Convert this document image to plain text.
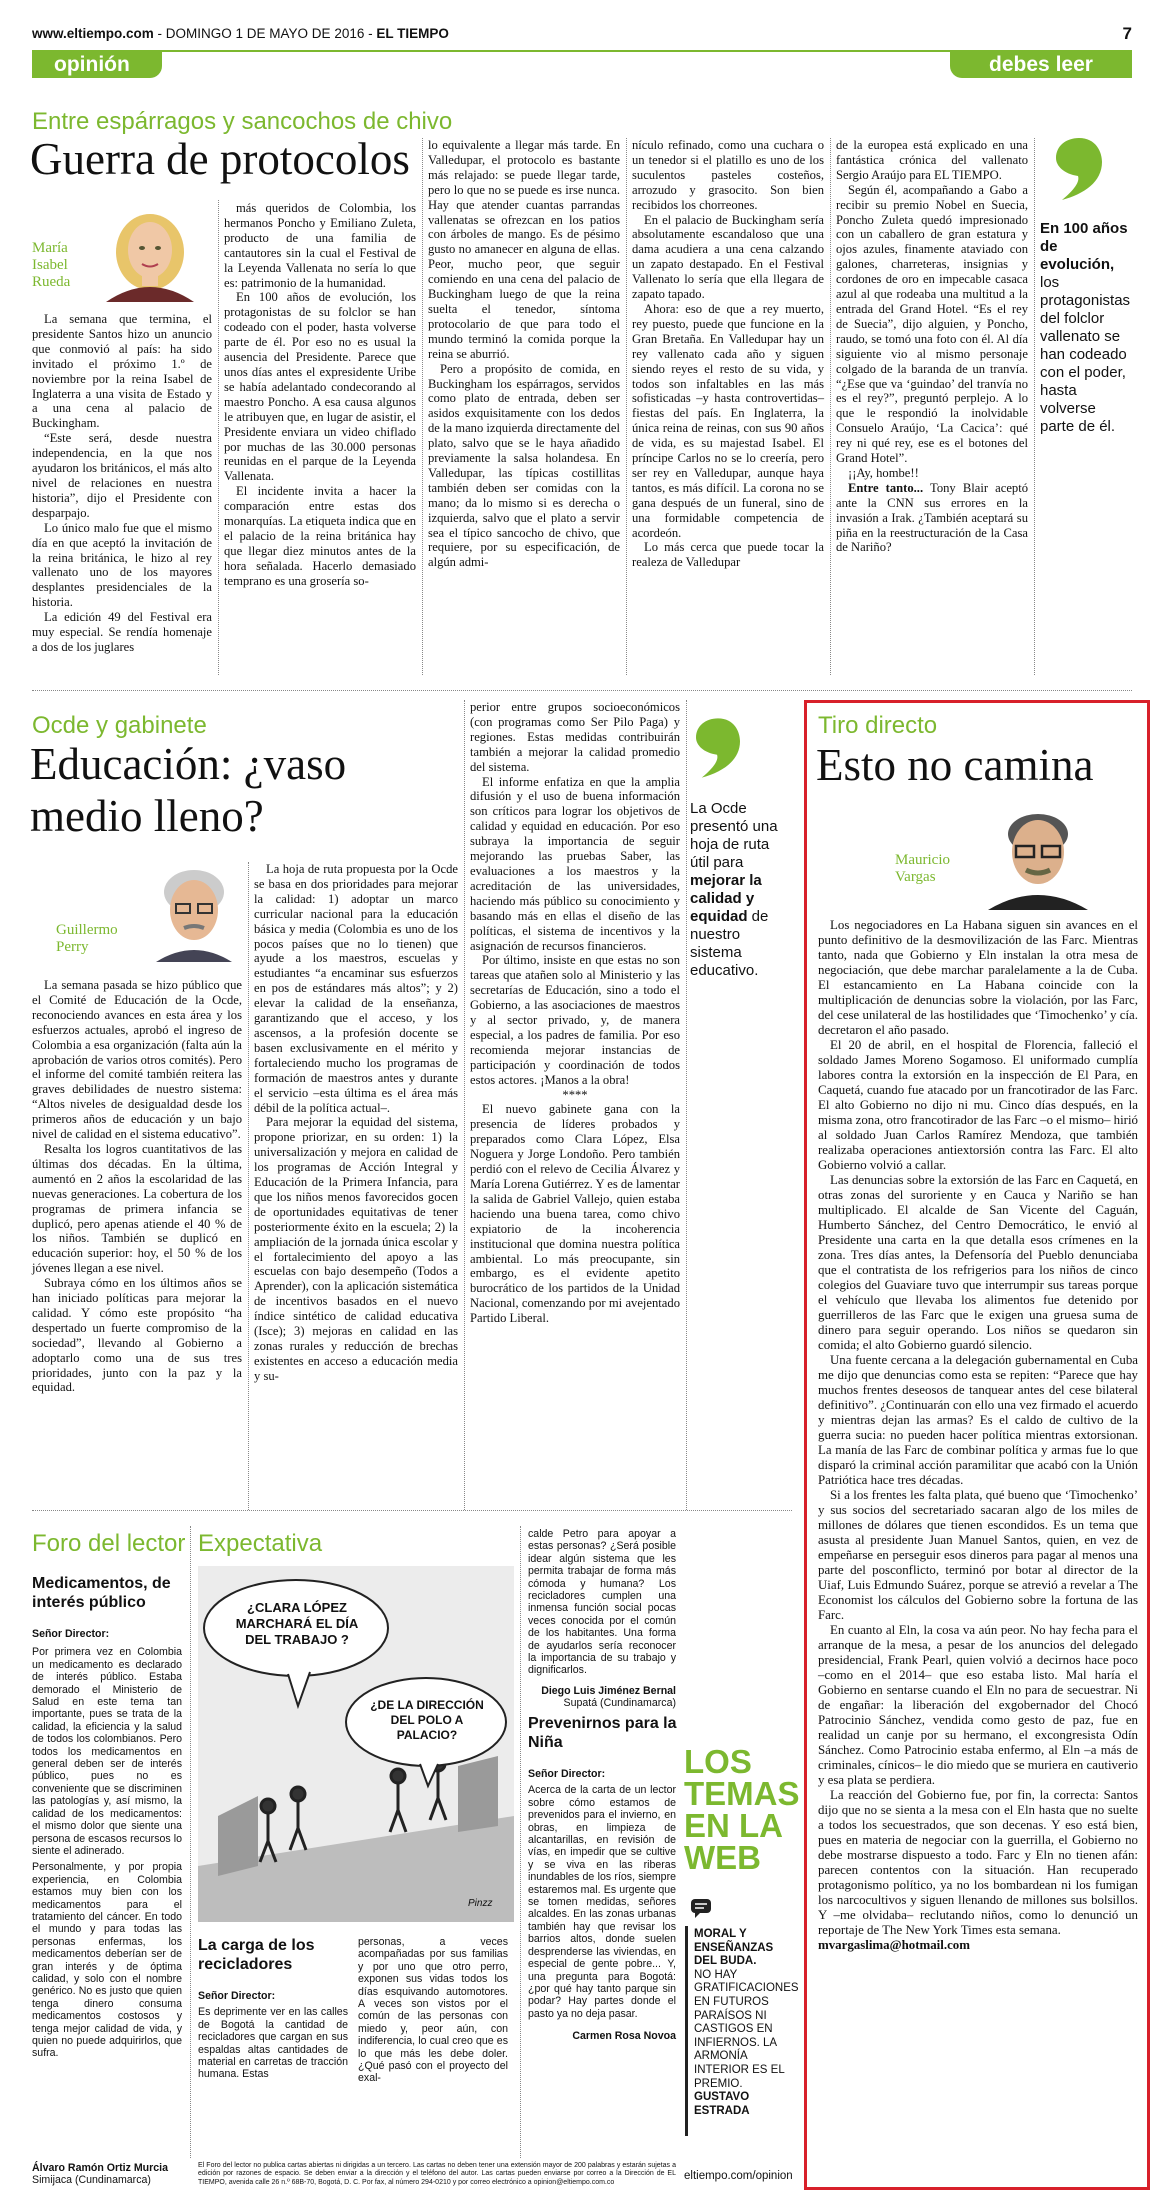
www.eltiempo.com - DOMINGO 1 DE MAYO DE 2016 - EL TIEMPO	7
opinión	debes leer
Entre espárragos y sancochos de chivo
Guerra de protocolos
María Isabel Rueda

La semana que termina, el presidente Santos hizo un anuncio que conmovió al país: ha sido invitado el próximo 1.º de noviembre por la reina Isabel de Inglaterra a una visita de Estado y a una cena al palacio de Buckingham.

“Este será, desde nuestra independencia, en la que nos ayudaron los británicos, el más alto nivel de relaciones en nuestra historia”, dijo el Presidente con desparpajo.

Lo único malo fue que el mismo día en que aceptó la invitación de la reina británica, le hizo al rey vallenato uno de los mayores desplantes presidenciales de la historia.

La edición 49 del Festival era muy especial. Se rendía homenaje a dos de los juglares

más queridos de Colombia, los hermanos Poncho y Emiliano Zuleta, producto de una familia de cantautores sin la cual el Festival de la Leyenda Vallenata no sería lo que es: patrimonio de la humanidad.

En 100 años de evolución, los protagonistas de su folclor se han codeado con el poder, hasta volverse parte de él. Por eso no es usual la ausencia del Presidente. Parece que unos días antes el expresidente Uribe se había adelantado condecorando al maestro Poncho. A esa causa algunos le atribuyen que, en lugar de asistir, el Presidente enviara un video chiflado por muchas de las 30.000 personas reunidas en el parque de la Leyenda Vallenata.

El incidente invita a hacer la comparación entre estas dos monarquías. La etiqueta indica que en el palacio de la reina británica hay que llegar diez minutos antes de la hora señalada. Hacerlo demasiado temprano es una grosería so-

lo equivalente a llegar más tarde. En Valledupar, el protocolo es bastante más relajado: se puede llegar tarde, pero lo que no se puede es irse nunca. Hay que atender cuantas parrandas vallenatas se ofrezcan en los patios con árboles de mango. Es de pésimo gusto no amanecer en alguna de ellas. Peor, mucho peor, que seguir comiendo en una cena del palacio de Buckingham luego de que la reina suelta el tenedor, síntoma protocolario de que para todo el mundo terminó la comida porque la reina se aburrió.

Pero a propósito de comida, en Buckingham los espárragos, servidos como plato de entrada, deben ser asidos exquisitamente con los dedos de la mano izquierda directamente del plato, salvo que se le haya añadido previamente la salsa holandesa. En Valledupar, las típicas costillitas también deben ser comidas con la mano; da lo mismo si es derecha o izquierda, salvo que el plato a servir sea el típico sancocho de chivo, que requiere, por su especificación, de algún admi-

nículo refinado, como una cuchara o un tenedor si el platillo es uno de los suculentos pasteles costeños, arrozudo y grasocito. Son bien recibidos los chorreones.

En el palacio de Buckingham sería absolutamente escandaloso que una dama acudiera a una cena calzando un zapato destapado. En el Festival Vallenato lo sería que ella llegara de zapato tapado.

Ahora: eso de que a rey muerto, rey puesto, puede que funcione en la Gran Bretaña. En Valledupar hay un rey vallenato cada año y siguen siendo reyes el resto de su vida, y todos son infaltables en las más sofisticadas –y hasta controvertidas– fiestas del país. En Inglaterra, la única reina de reinas, con sus 90 años de vida, es su majestad Isabel. El príncipe Carlos no se lo creería, pero ser rey en Valledupar, aunque haya tantos, es más difícil. La corona no se gana después de un funeral, sino de una formidable competencia de acordeón.

Lo más cerca que puede tocar la realeza de Valledupar

de la europea está explicado en una fantástica crónica del vallenato Sergio Araújo para EL TIEMPO.

Según él, acompañando a Gabo a recibir su premio Nobel en Suecia, Poncho Zuleta quedó impresionado con un caballero de gran estatura y ojos azules, finamente ataviado con galones, charreteras, insignias y cordones de oro en impecable casaca azul al que rodeaba una multitud a la entrada del Grand Hotel. “Es el rey de Suecia”, dijo alguien, y Poncho, raudo, se tomó una foto con él. Al día siguiente vio al mismo personaje colgado de la baranda de un tranvía. “¿Ese que va ‘guindao’ del tranvía no es el rey?”, preguntó perplejo. A lo que le respondió la inolvidable Consuelo Araújo, ‘La Cacica’: qué rey ni qué rey, ese es el botones del Grand Hotel”.

¡¡Ay, hombe!!

Entre tanto... Tony Blair aceptó ante la CNN sus errores en la invasión a Irak. ¿También aceptará su piña en la reestructuración de la Casa de Nariño?

En 100 años de evolución, los protagonistas del folclor vallenato se han codeado con el poder, hasta volverse parte de él.
Ocde y gabinete
Educación: ¿vaso
medio lleno?
Guillermo Perry

La semana pasada se hizo público que el Comité de Educación de la Ocde, reconociendo avances en esta área y los esfuerzos actuales, aprobó el ingreso de Colombia a esa organización (falta aún la aprobación de varios otros comités). Pero el informe del comité también reitera las graves debilidades de nuestro sistema: “Altos niveles de desigualdad desde los primeros años de educación y un bajo nivel de calidad en el sistema educativo”.

Resalta los logros cuantitativos de las últimas dos décadas. En la última, aumentó en 2 años la escolaridad de las nuevas generaciones. La cobertura de los programas de primera infancia se duplicó, pero apenas atiende el 40 % de los niños. También se duplicó en educación superior: hoy, el 50 % de los jóvenes llegan a ese nivel.

Subraya cómo en los últimos años se han iniciado políticas para mejorar la calidad. Y cómo este propósito “ha despertado un fuerte compromiso de la sociedad”, llevando al Gobierno a adoptarlo como una de sus tres prioridades, junto con la paz y la equidad.

La hoja de ruta propuesta por la Ocde se basa en dos prioridades para mejorar la calidad: 1) adoptar un marco curricular nacional para la educación básica y media (Colombia es uno de los pocos países que no lo tienen) que ayude a los maestros, escuelas y estudiantes “a encaminar sus esfuerzos en pos de estándares más altos”; y 2) elevar la calidad de la enseñanza, garantizando que el acceso, y los ascensos, a la profesión docente se basen exclusivamente en el mérito y fortaleciendo mucho los programas de formación de maestros antes y durante el servicio –esta última es el área más débil de la política actual–.

Para mejorar la equidad del sistema, propone priorizar, en su orden: 1) la universalización y mejora en calidad de los programas de Acción Integral y Educación de la Primera Infancia, para que los niños menos favorecidos gocen de oportunidades equitativas de tener posteriormente éxito en la escuela; 2) la ampliación de la jornada única escolar y el fortalecimiento del apoyo a las escuelas con bajo desempeño (Todos a Aprender), con la aplicación sistemática de incentivos basados en el nuevo índice sintético de calidad educativa (Isce); 3) mejoras en calidad en las zonas rurales y reducción de brechas existentes en acceso a educación media y su-

perior entre grupos socioeconómicos (con programas como Ser Pilo Paga) y regiones. Estas medidas contribuirán también a mejorar la calidad promedio del sistema.

El informe enfatiza en que la amplia difusión y el uso de buena información son críticos para lograr los objetivos de calidad y equidad en educación. Por eso subraya la importancia de seguir mejorando las pruebas Saber, las evaluaciones a los maestros y la acreditación de las universidades, haciendo más público su conocimiento y basando más en ellas el diseño de las políticas, el sistema de incentivos y la asignación de recursos financieros.

Por último, insiste en que estas no son tareas que atañen solo al Ministerio y las secretarías de Educación, sino a todo el Gobierno, a las asociaciones de maestros y al sector privado, y, de manera especial, a los padres de familia. Por eso recomienda mejorar instancias de participación y coordinación de todos estos actores. ¡Manos a la obra!

****

El nuevo gabinete gana con la presencia de líderes probados y preparados como Clara López, Elsa Noguera y Jorge Londoño. Pero también perdió con el relevo de Cecilia Álvarez y María Lorena Gutiérrez. Y es de lamentar la salida de Gabriel Vallejo, quien estaba haciendo una buena tarea, como chivo expiatorio de la incoherencia institucional que domina nuestra política ambiental. Lo más preocupante, sin embargo, es el evidente apetito burocrático de los partidos de la Unidad Nacional, comenzando por mi avejentado Partido Liberal.

La Ocde presentó una hoja de ruta útil para mejorar la calidad y equidad de nuestro sistema educativo.
Tiro directo
Esto no camina
Mauricio
Vargas

Los negociadores en La Habana siguen sin avances en el punto definitivo de la desmovilización de las Farc. Mientras tanto, nada que Gobierno y Eln instalan la otra mesa de negociación, que debe marchar paralelamente a la de Cuba. El estancamiento en La Habana coincide con la multiplicación de denuncias sobre la violación, por las Farc, del cese unilateral de las hostilidades que ‘Timochenko’ y cía. decretaron el año pasado.

El 20 de abril, en el hospital de Florencia, falleció el soldado James Moreno Sogamoso. El uniformado cumplía labores contra la extorsión en la inspección de El Para, en Caquetá, cuando fue atacado por un francotirador de las Farc. El alto Gobierno no dijo ni mu. Cinco días después, en la misma zona, otro francotirador de las Farc –o el mismo– hirió al soldado Juan Carlos Ramírez Mendoza, que también realizaba operaciones antiextorsión contra las Farc. El alto Gobierno volvió a callar.

Las denuncias sobre la extorsión de las Farc en Caquetá, en otras zonas del suroriente y en Cauca y Nariño se han multiplicado. El alcalde de San Vicente del Caguán, Humberto Sánchez, del Centro Democrático, le envió al Presidente una carta en la que detalla esos crímenes en la zona. Tres días antes, la Defensoría del Pueblo denunciaba que el contratista de los refrigerios para los niños de cinco colegios del Guaviare tuvo que interrumpir sus tareas porque el vehículo que llevaba los alimentos fue detenido por guerrilleros de las Farc que le exigen una gruesa suma de dinero para seguir operando. Los niños se quedaron sin comida; el alto Gobierno guardó silencio.

Una fuente cercana a la delegación gubernamental en Cuba me dijo que denuncias como esta se repiten: “Parece que hay muchos frentes deseosos de tanquear antes del cese bilateral definitivo”. ¿Continuarán con ello una vez firmado el acuerdo y mientras dejan las armas? Es el caldo de cultivo de la guerra sucia: no pueden hacer política mientras extorsionan. La manía de las Farc de combinar política y armas fue lo que disparó la criminal acción paramilitar que acabó con la Unión Patriótica hace tres décadas.

Si a los frentes les falta plata, qué bueno que ‘Timochenko’ y sus socios del secretariado sacaran algo de los miles de millones de dólares que tienen escondidos. Es un tema que asusta al presidente Juan Manuel Santos, quien, en vez de empeñarse en perseguir esos dineros para pagar al menos una parte del posconflicto, terminó por botar al director de la Uiaf, Luis Edmundo Suárez, porque se atrevió a revelar a The Economist los cálculos del Gobierno sobre la fortuna de las Farc.

En cuanto al Eln, la cosa va aún peor. No hay fecha para el arranque de la mesa, a pesar de los anuncios del delegado presidencial, Frank Pearl, quien volvió a decirnos hace poco –como en el 2014– que eso estaba listo. Mal haría el Gobierno en sentarse cuando el Eln no para de secuestrar. Ni de engañar: la liberación del exgobernador del Chocó Patrocinio Sánchez, vendida como gesto de paz, fue en realidad un canje por su hermano, el excongresista Odín Sánchez. Como Patrocinio estaba enfermo, al Eln –a más de criminales, cínicos– le dio miedo que se muriera en cautiverio y esa plata se perdiera.

La reacción del Gobierno fue, por fin, la correcta: Santos dijo que no se sienta a la mesa con el Eln hasta que no suelte a todos los secuestrados, que son decenas. Y eso está bien, pues en materia de negociar con la guerrilla, el Gobierno no debe mostrarse dispuesto a todo. Farc y Eln no tienen afán: parecen contentos con la situación. Han recuperado protagonismo político, ya no los bombardean ni los fumigan los narcocultivos y siguen llenando de millones sus bolsillos. Y –me olvidaba– reclutando niños, como lo denunció un reportaje de The New York Times esta semana.

mvargaslima@hotmail.com

Foro del lector
Medicamentos, de interés público

Señor Director:

Por primera vez en Colombia un medicamento es declarado de interés público. Estaba demorado el Ministerio de Salud en este tema tan importante, pues se trata de la calidad, la eficiencia y la salud de todos los colombianos. Pero todos los medicamentos en general deben ser de interés público, pues no es conveniente que se discriminen las patologías y, así mismo, la calidad de los medicamentos: el mismo dolor que siente una persona de escasos recursos lo siente el adinerado.

Personalmente, y por propia experiencia, en Colombia estamos muy bien con los medicamentos para el tratamiento del cáncer. En todo el mundo y para todas las personas enfermas, los medicamentos deberían ser de gran interés y de óptima calidad, y solo con el nombre genérico. No es justo que quien tenga dinero consuma medicamentos costosos y tenga mejor calidad de vida, y quien no puede adquirirlos, que sufra.

Álvaro Ramón Ortiz Murcia

Simijaca (Cundinamarca)

Expectativa
¿CLARA LÓPEZ MARCHARÁ EL DÍA DEL TRABAJO ?
¿DE LA DIRECCIÓN DEL POLO A PALACIO?
Pinzz
La carga de los recicladores

Señor Director:

Es deprimente ver en las calles de Bogotá la cantidad de recicladores que cargan en sus espaldas altas cantidades de material en carretas de tracción humana. Estas

personas, a veces acompañadas por sus familias y por uno que otro perro, exponen sus vidas todos los días esquivando automotores. A veces son vistos por el común de las personas con miedo y, peor aún, con indiferencia, lo cual creo que es lo que más les debe doler. ¿Qué pasó con el proyecto del exal-

calde Petro para apoyar a estas personas? ¿Será posible idear algún sistema que les permita trabajar de forma más cómoda y humana? Los recicladores cumplen una inmensa función social pocas veces conocida por el común de los habitantes. Una forma de ayudarlos sería reconocer la importancia de su trabajo y dignificarlos.

Diego Luis Jiménez Bernal

Supatá (Cundinamarca)

Prevenirnos para la Niña

Señor Director:

Acerca de la carta de un lector sobre cómo estamos de prevenidos para el invierno, en obras, en limpieza de alcantarillas, en revisión de vías, en impedir que se cultive y se viva en las riberas inundables de los ríos, siempre estaremos mal. Es urgente que se tomen medidas, señores alcaldes. En las zonas urbanas también hay que revisar los barrios altos, donde suelen desprenderse las viviendas, en especial de gente pobre... Y, una pregunta para Bogotá: ¿por qué hay tanto parque sin podar? Hay partes donde el pasto ya no deja pasar.

Carmen Rosa Novoa

LOS
TEMAS
EN LA
WEB
MORAL Y ENSEÑANZAS DEL BUDA.
NO HAY GRATIFICACIONES EN FUTUROS PARAÍSOS NI CASTIGOS EN INFIERNOS. LA ARMONÍA INTERIOR ES EL PREMIO.
GUSTAVO ESTRADA
El Foro del lector no publica cartas abiertas ni dirigidas a un tercero. Las cartas no deben tener una extensión mayor de 200 palabras y estarán sujetas a edición por razones de espacio. Se deben enviar a la dirección y el teléfono del autor. Las cartas pueden enviarse por correo a la Dirección de EL TIEMPO, avenida calle 26 n.º 68B-70, Bogotá, D. C. Por fax, al número 294-0210 y por correo electrónico a opinion@eltiempo.com.co
eltiempo.com/opinion
